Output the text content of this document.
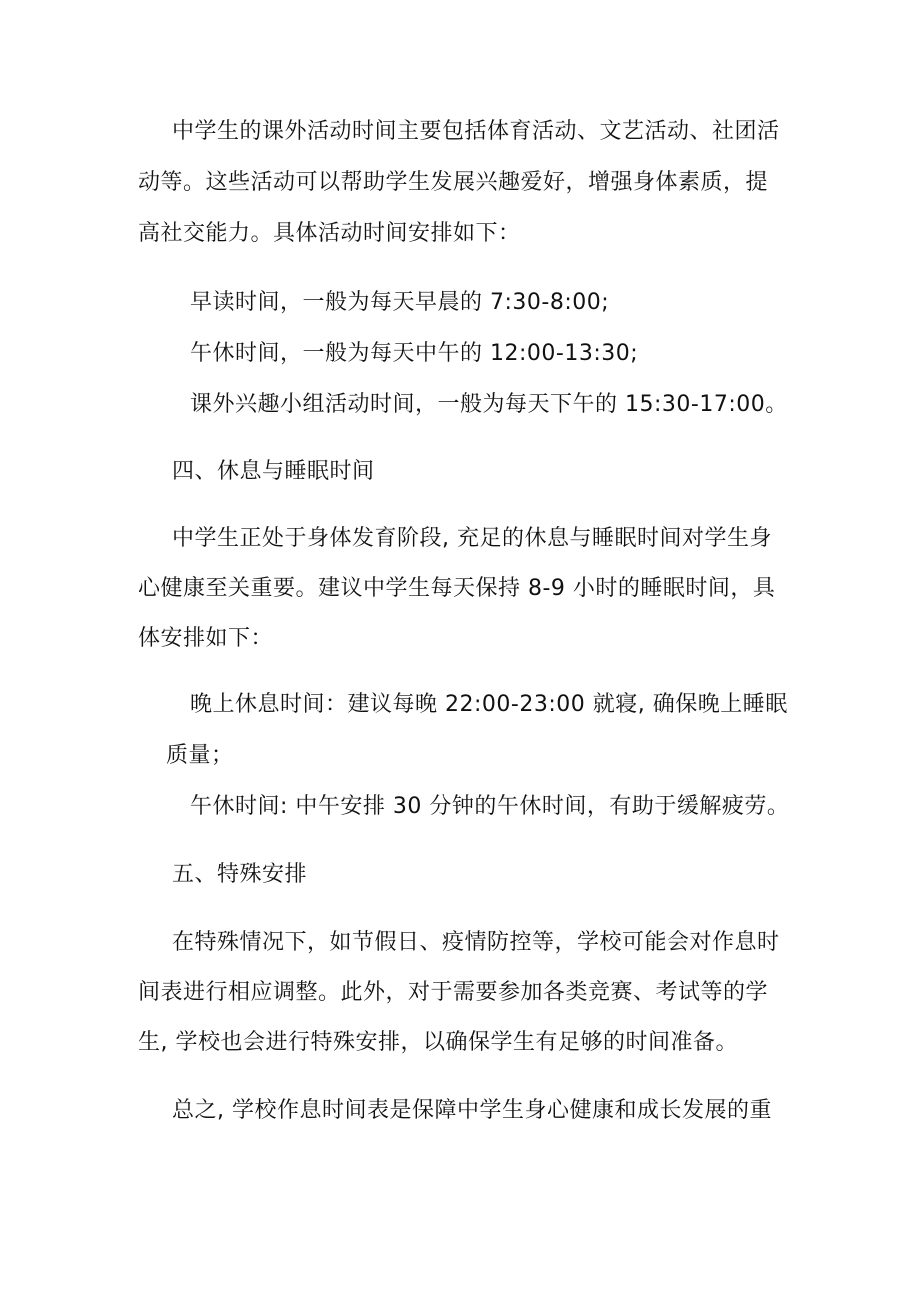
中学生的课外活动时间主要包括体育活动、文艺活动、社团活
动等。这些活动可以帮助学生发展兴趣爱好，增强身体素质，提
高社交能力。具体活动时间安排如下：
早读时间，一般为每天早晨的 7:30-8:00;
午休时间，一般为每天中午的 12:00-13:30;
课外兴趣小组活动时间，一般为每天下午的 15:30-17:00。
四、休息与睡眠时间
中学生正处于身体发育阶段, 充足的休息与睡眠时间对学生身
心健康至关重要。建议中学生每天保持 8-9 小时的睡眠时间，具
体安排如下：
晚上休息时间：建议每晚 22:00-23:00 就寝, 确保晚上睡眠
质量；
午休时间: 中午安排 30 分钟的午休时间，有助于缓解疲劳。
五、特殊安排
在特殊情况下，如节假日、疫情防控等，学校可能会对作息时
间表进行相应调整。此外，对于需要参加各类竞赛、考试等的学
生, 学校也会进行特殊安排，以确保学生有足够的时间准备。
总之, 学校作息时间表是保障中学生身心健康和成长发展的重
